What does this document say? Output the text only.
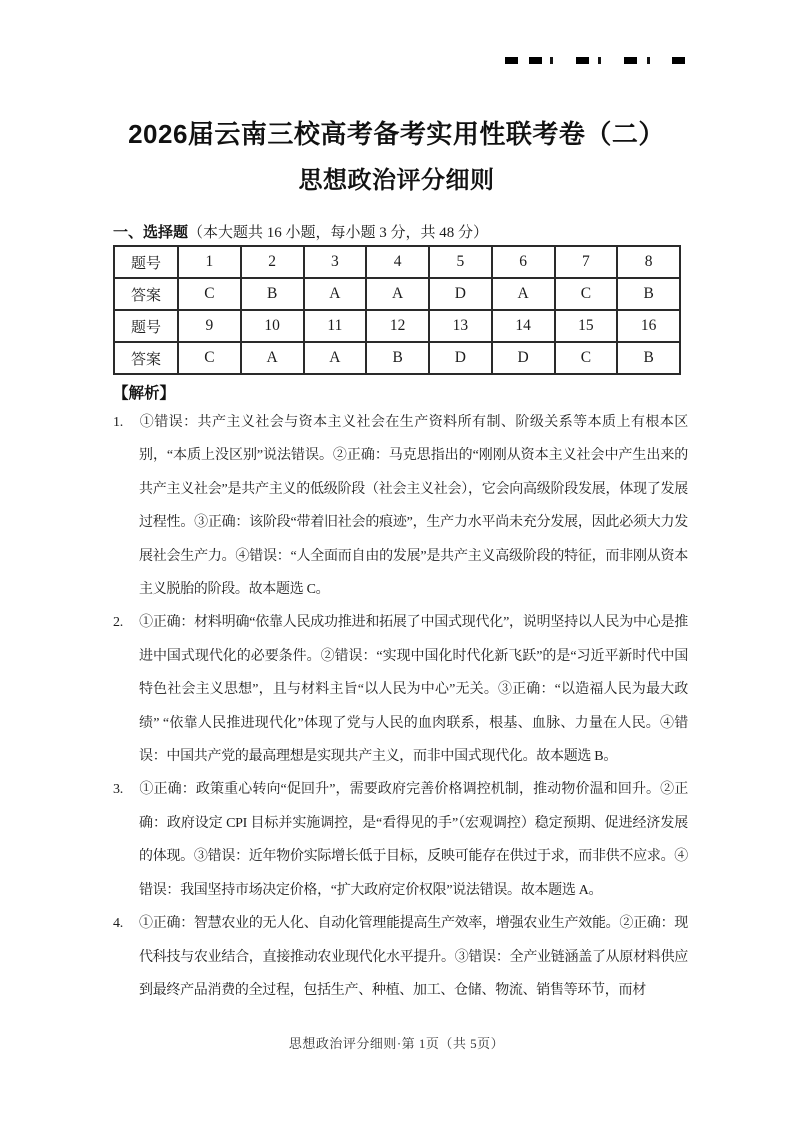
2026届云南三校高考备考实用性联考卷（二）
思想政治评分细则
一、选择题（本大题共 16 小题，每小题 3 分，共 48 分）
题号	1	2	3	4	5	6	7	8
答案	C	B	A	A	D	A	C	B
题号	9	10	11	12	13	14	15	16
答案	C	A	A	B	D	D	C	B
【解析】

1. ①错误：共产主义社会与资本主义社会在生产资料所有制、阶级关系等本质上有根本区别，“本质上没区别”说法错误。②正确：马克思指出的“刚刚从资本主义社会中产生出来的共产主义社会”是共产主义的低级阶段（社会主义社会），它会向高级阶段发展，体现了发展过程性。③正确：该阶段“带着旧社会的痕迹”，生产力水平尚未充分发展，因此必须大力发展社会生产力。④错误：“人全面而自由的发展”是共产主义高级阶段的特征，而非刚从资本主义脱胎的阶段。故本题选 C。

2. ①正确：材料明确“依靠人民成功推进和拓展了中国式现代化”，说明坚持以人民为中心是推进中国式现代化的必要条件。②错误：“实现中国化时代化新飞跃”的是“习近平新时代中国特色社会主义思想”，且与材料主旨“以人民为中心”无关。③正确：“以造福人民为最大政绩” “依靠人民推进现代化”体现了党与人民的血肉联系，根基、血脉、力量在人民。④错误：中国共产党的最高理想是实现共产主义，而非中国式现代化。故本题选 B。

3. ①正确：政策重心转向“促回升”，需要政府完善价格调控机制，推动物价温和回升。②正确：政府设定 CPI 目标并实施调控，是“看得见的手”（宏观调控）稳定预期、促进经济发展的体现。③错误：近年物价实际增长低于目标，反映可能存在供过于求，而非供不应求。④错误：我国坚持市场决定价格，“扩大政府定价权限”说法错误。故本题选 A。

4. ①正确：智慧农业的无人化、自动化管理能提高生产效率，增强农业生产效能。②正确：现代科技与农业结合，直接推动农业现代化水平提升。③错误：全产业链涵盖了从原材料供应到最终产品消费的全过程，包括生产、种植、加工、仓储、物流、销售等环节，而材

思想政治评分细则·第 1页（共 5页）
